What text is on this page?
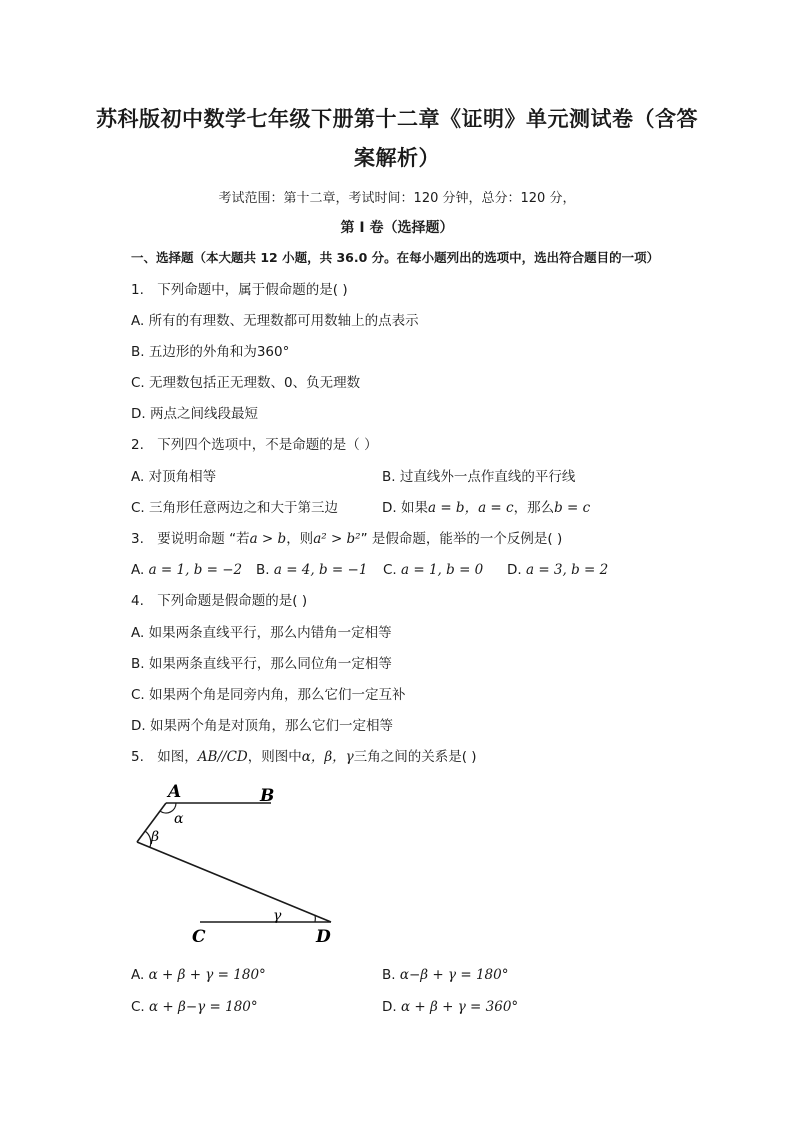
苏科版初中数学七年级下册第十二章《证明》单元测试卷（含答
案解析）
考试范围：第十二章，考试时间：120 分钟，总分：120 分，
第 I 卷（选择题）
一、选择题（本大题共 12 小题，共 36.0 分。在每小题列出的选项中，选出符合题目的一项）
1. 下列命题中，属于假命题的是( )
A. 所有的有理数、无理数都可用数轴上的点表示
B. 五边形的外角和为360°
C. 无理数包括正无理数、0、负无理数
D. 两点之间线段最短
2. 下列四个选项中，不是命题的是（ ）
A. 对顶角相等	B. 过直线外一点作直线的平行线
C. 三角形任意两边之和大于第三边	D. 如果a = b，a = c，那么b = c
3. 要说明命题 “若a > b，则a² > b²” 是假命题，能举的一个反例是( )
A. a = 1, b = −2 B. a = 4, b = −1 C. a = 1, b = 0 D. a = 3, b = 2
4. 下列命题是假命题的是( )
A. 如果两条直线平行，那么内错角一定相等
B. 如果两条直线平行，那么同位角一定相等
C. 如果两个角是同旁内角，那么它们一定互补
D. 如果两个角是对顶角，那么它们一定相等
5. 如图，AB//CD，则图中α，β，γ三角之间的关系是( )
A	B
C	D
α
β
γ
A. α + β + γ = 180°	B. α−β + γ = 180°
C. α + β−γ = 180°	D. α + β + γ = 360°
